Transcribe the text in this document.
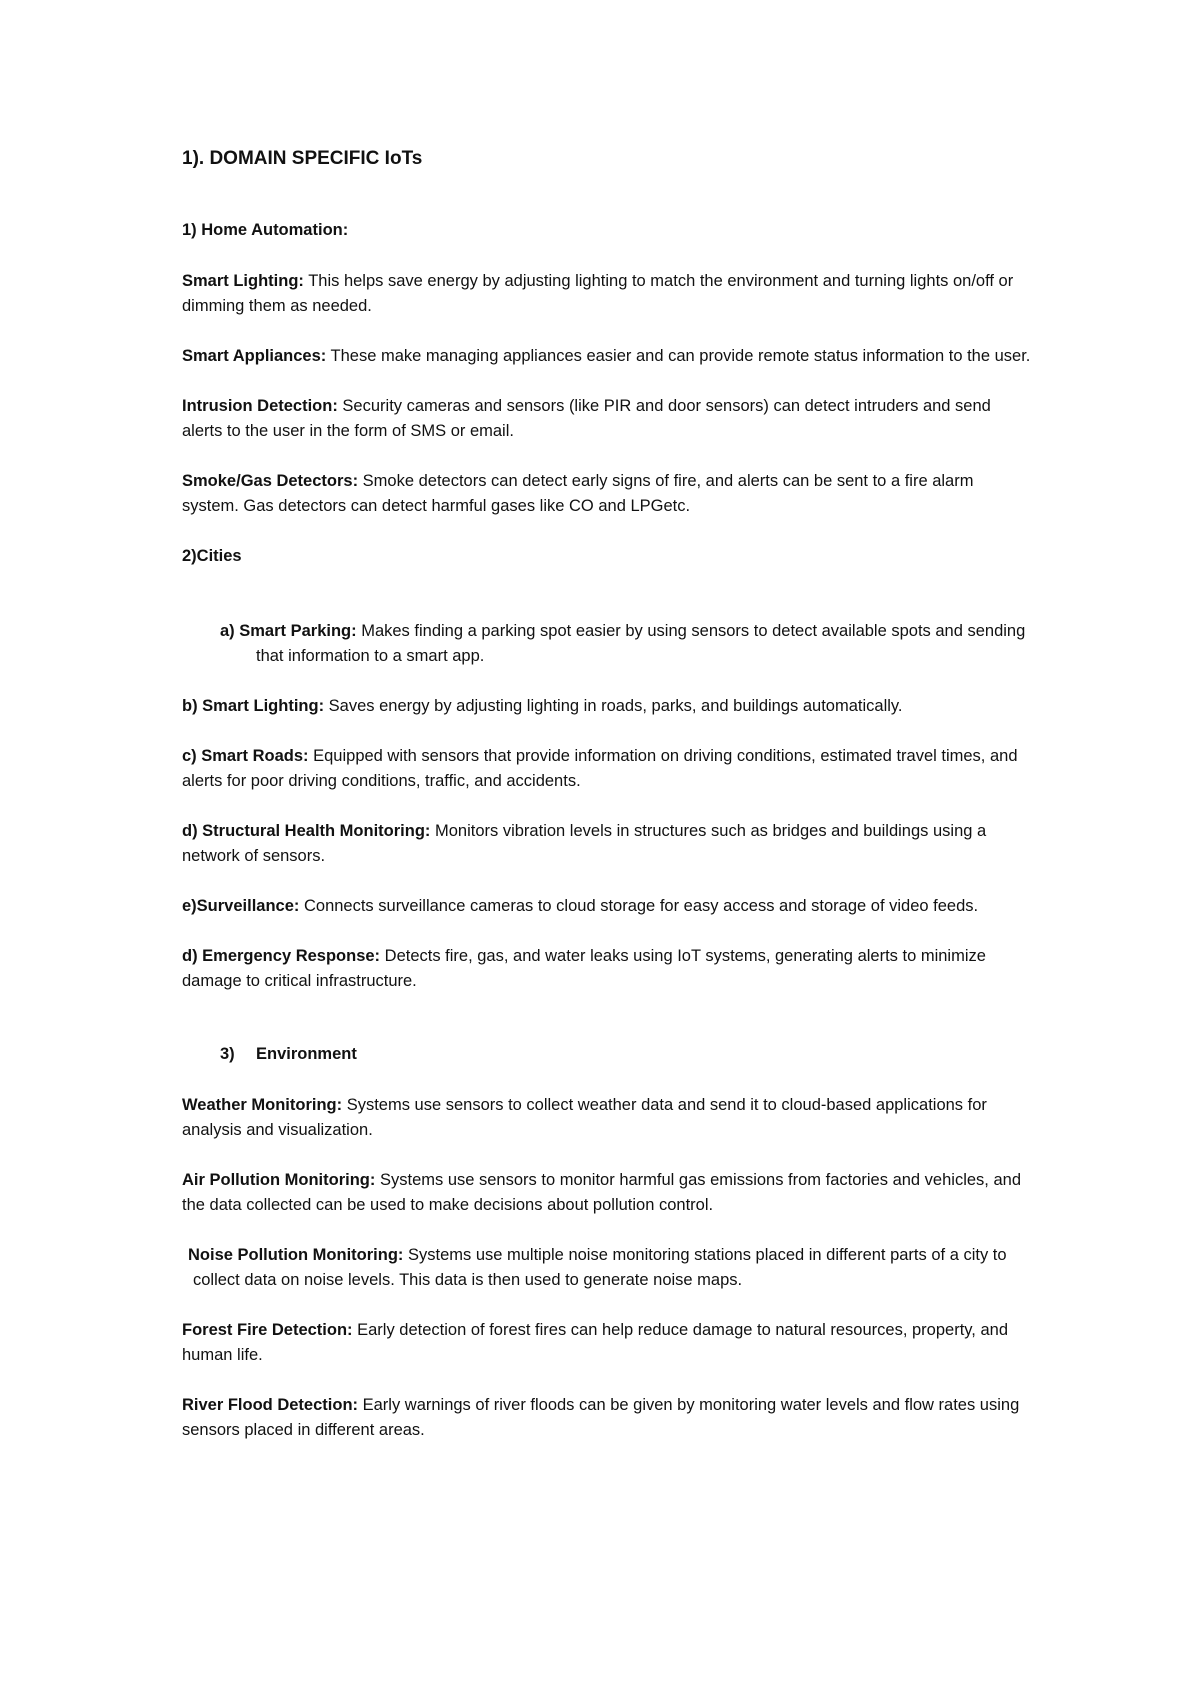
1). DOMAIN SPECIFIC IoTs
1) Home Automation:
Smart Lighting: This helps save energy by adjusting lighting to match the environment and turning lights on/off or dimming them as needed.
Smart Appliances: These make managing appliances easier and can provide remote status information to the user.
Intrusion Detection: Security cameras and sensors (like PIR and door sensors) can detect intruders and send alerts to the user in the form of SMS or email.
Smoke/Gas Detectors: Smoke detectors can detect early signs of fire, and alerts can be sent to a fire alarm system. Gas detectors can detect harmful gases like CO and LPGetc.
2)Cities
a) Smart Parking: Makes finding a parking spot easier by using sensors to detect available spots and sending that information to a smart app.
b) Smart Lighting: Saves energy by adjusting lighting in roads, parks, and buildings automatically.
c) Smart Roads: Equipped with sensors that provide information on driving conditions, estimated travel times, and alerts for poor driving conditions, traffic, and accidents.
d) Structural Health Monitoring: Monitors vibration levels in structures such as bridges and buildings using a network of sensors.
e)Surveillance: Connects surveillance cameras to cloud storage for easy access and storage of video feeds.
d) Emergency Response: Detects fire, gas, and water leaks using IoT systems, generating alerts to minimize damage to critical infrastructure.
3) Environment
Weather Monitoring: Systems use sensors to collect weather data and send it to cloud-based applications for analysis and visualization.
Air Pollution Monitoring: Systems use sensors to monitor harmful gas emissions from factories and vehicles, and the data collected can be used to make decisions about pollution control.
Noise Pollution Monitoring: Systems use multiple noise monitoring stations placed in different parts of a city to collect data on noise levels. This data is then used to generate noise maps.
Forest Fire Detection: Early detection of forest fires can help reduce damage to natural resources, property, and human life.
River Flood Detection: Early warnings of river floods can be given by monitoring water levels and flow rates using sensors placed in different areas.
